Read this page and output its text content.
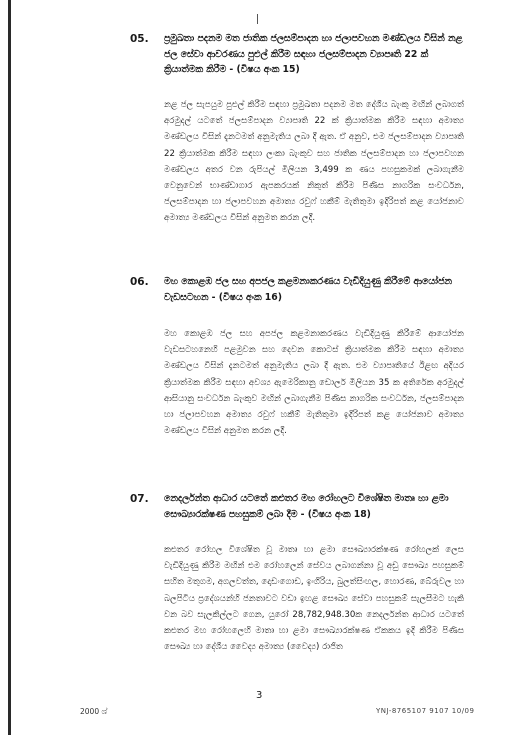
05. ප්‍රමුඛතා පදනම මත ජාතික ජලසම්පාදන හා ජලාපවහන මණ්ඩලය විසින් නළ ජල සේවා ආවරණය පුළුල් කිරීම සඳහා ජලසම්පාදන ව්‍යාපෘති 22 ක් ක්‍රියාත්මක කිරීම - (විෂය අංක 15)
නළ ජල සැපයුම පුළුල් කිරීම සඳහා ප්‍රමුඛතා පදනම මත දේශීය බැංකු මඟින් ලබාගත් අරමුදල් යටතේ ජලසම්පාදන ව්‍යාපෘති 22 ක් ක්‍රියාත්මක කිරීම සඳහා අමාත්‍ය මණ්ඩලය විසින් දැනටමත් අනුමැතිය ලබා දී ඇත. ඒ අනුව, එම ජලසම්පාදන ව්‍යාපෘති 22 ක්‍රියාත්මක කිරීම සඳහා ලංකා බැංකුව සහ ජාතික ජලසම්පාදන හා ජලාපවහන මණ්ඩලය අතර වන රුපියල් මිලියන 3,499 ක ණය පහසුකමක් ලබාගැනීම වෙනුවෙන් භාණ්ඩාගාර ඇපකරයක් නිකුත් කිරීම පිණිස නාගරික සංවර්ධන, ජලසම්පාදන හා ජලාපවහන අමාත්‍ය රවුෆ් හකීම් මැතිතුමා ඉදිරිපත් කළ යෝජනාව අමාත්‍ය මණ්ඩලය විසින් අනුමත කරන ලදී.
06. මහ කොළඹ ජල සහ අපජල කළමනාකරණය වැඩිදියුණු කිරීමේ ආයෝජන වැඩසටහන - (විෂය අංක 16)
මහ කොළඹ ජල සහ අපජල කළමනාකරණය වැඩිදියුණු කිරීමේ ආයෝජන වැඩසටහනෙහි පළමුවන සහ දෙවන කොටස් ක්‍රියාත්මක කිරීම සඳහා අමාත්‍ය මණ්ඩලය විසින් දැනටමත් අනුමැතිය ලබා දී ඇත. එම ව්‍යාපෘතියේ ඊළඟ අදියර ක්‍රියාත්මක කිරීම සඳහා අවශ්‍ය ඇමෙරිකානු ඩොලර් මිලියන 35 ක අතිරේක අරමුදල් ආසියානු සංවර්ධන බැංකුව මඟින් ලබාගැනීම පිණිස නාගරික සංවර්ධන, ජලසම්පාදන හා ජලාපවහන අමාත්‍ය රවුෆ් හකීම් මැතිතුමා ඉදිරිපත් කළ යෝජනාව අමාත්‍ය මණ්ඩලය විසින් අනුමත කරන ලදී.
07. නෙදර්ලන්ත ආධාර යටතේ කළුතර මහ රෝහලට විශේෂිත මාතෘ හා ළමා සෞඛ්‍යාරක්ෂණ පහසුකම් ලබා දීම - (විෂය අංක 18)
කළුතර රෝහල විශේෂිත වූ මාතෘ හා ළමා සෞඛ්‍යාරක්ෂණ රෝහලක් ලෙස වැඩිදියුණු කිරීම මඟින් එම රෝහලෙන් සේවය ලබාගන්නා වූ අඩු සෞඛ්‍ය පහසුකම් සහිත මතුගම, අගලවත්ත, දොඩංගොඩ, ඉංගිරිය, බුලත්සිංහල, හොරණ, බේරුවල හා බලපිටිය ප්‍රදේශයන්හි ජනතාවට වඩා ඉහළ සෞඛ්‍ය සේවා පහසුකම් සැලසීමට හැකි වන බව සැලකිල්ලට ගෙන, යුරෝ 28,782,948.30ක නෙදර්ලන්ත ආධාර යටතේ කළුතර මහ රෝහලෙහි මාතෘ හා ළමා සෞඛ්‍යාරක්ෂණ ඒකකය ඉදි කිරීම පිණිස සෞඛ්‍ය හා දේශීය වෛද්‍ය අමාත්‍ය (වෛද්‍ය) රාජිත
3
2000 ශ්	YNJ-8765107 9107 10/09
